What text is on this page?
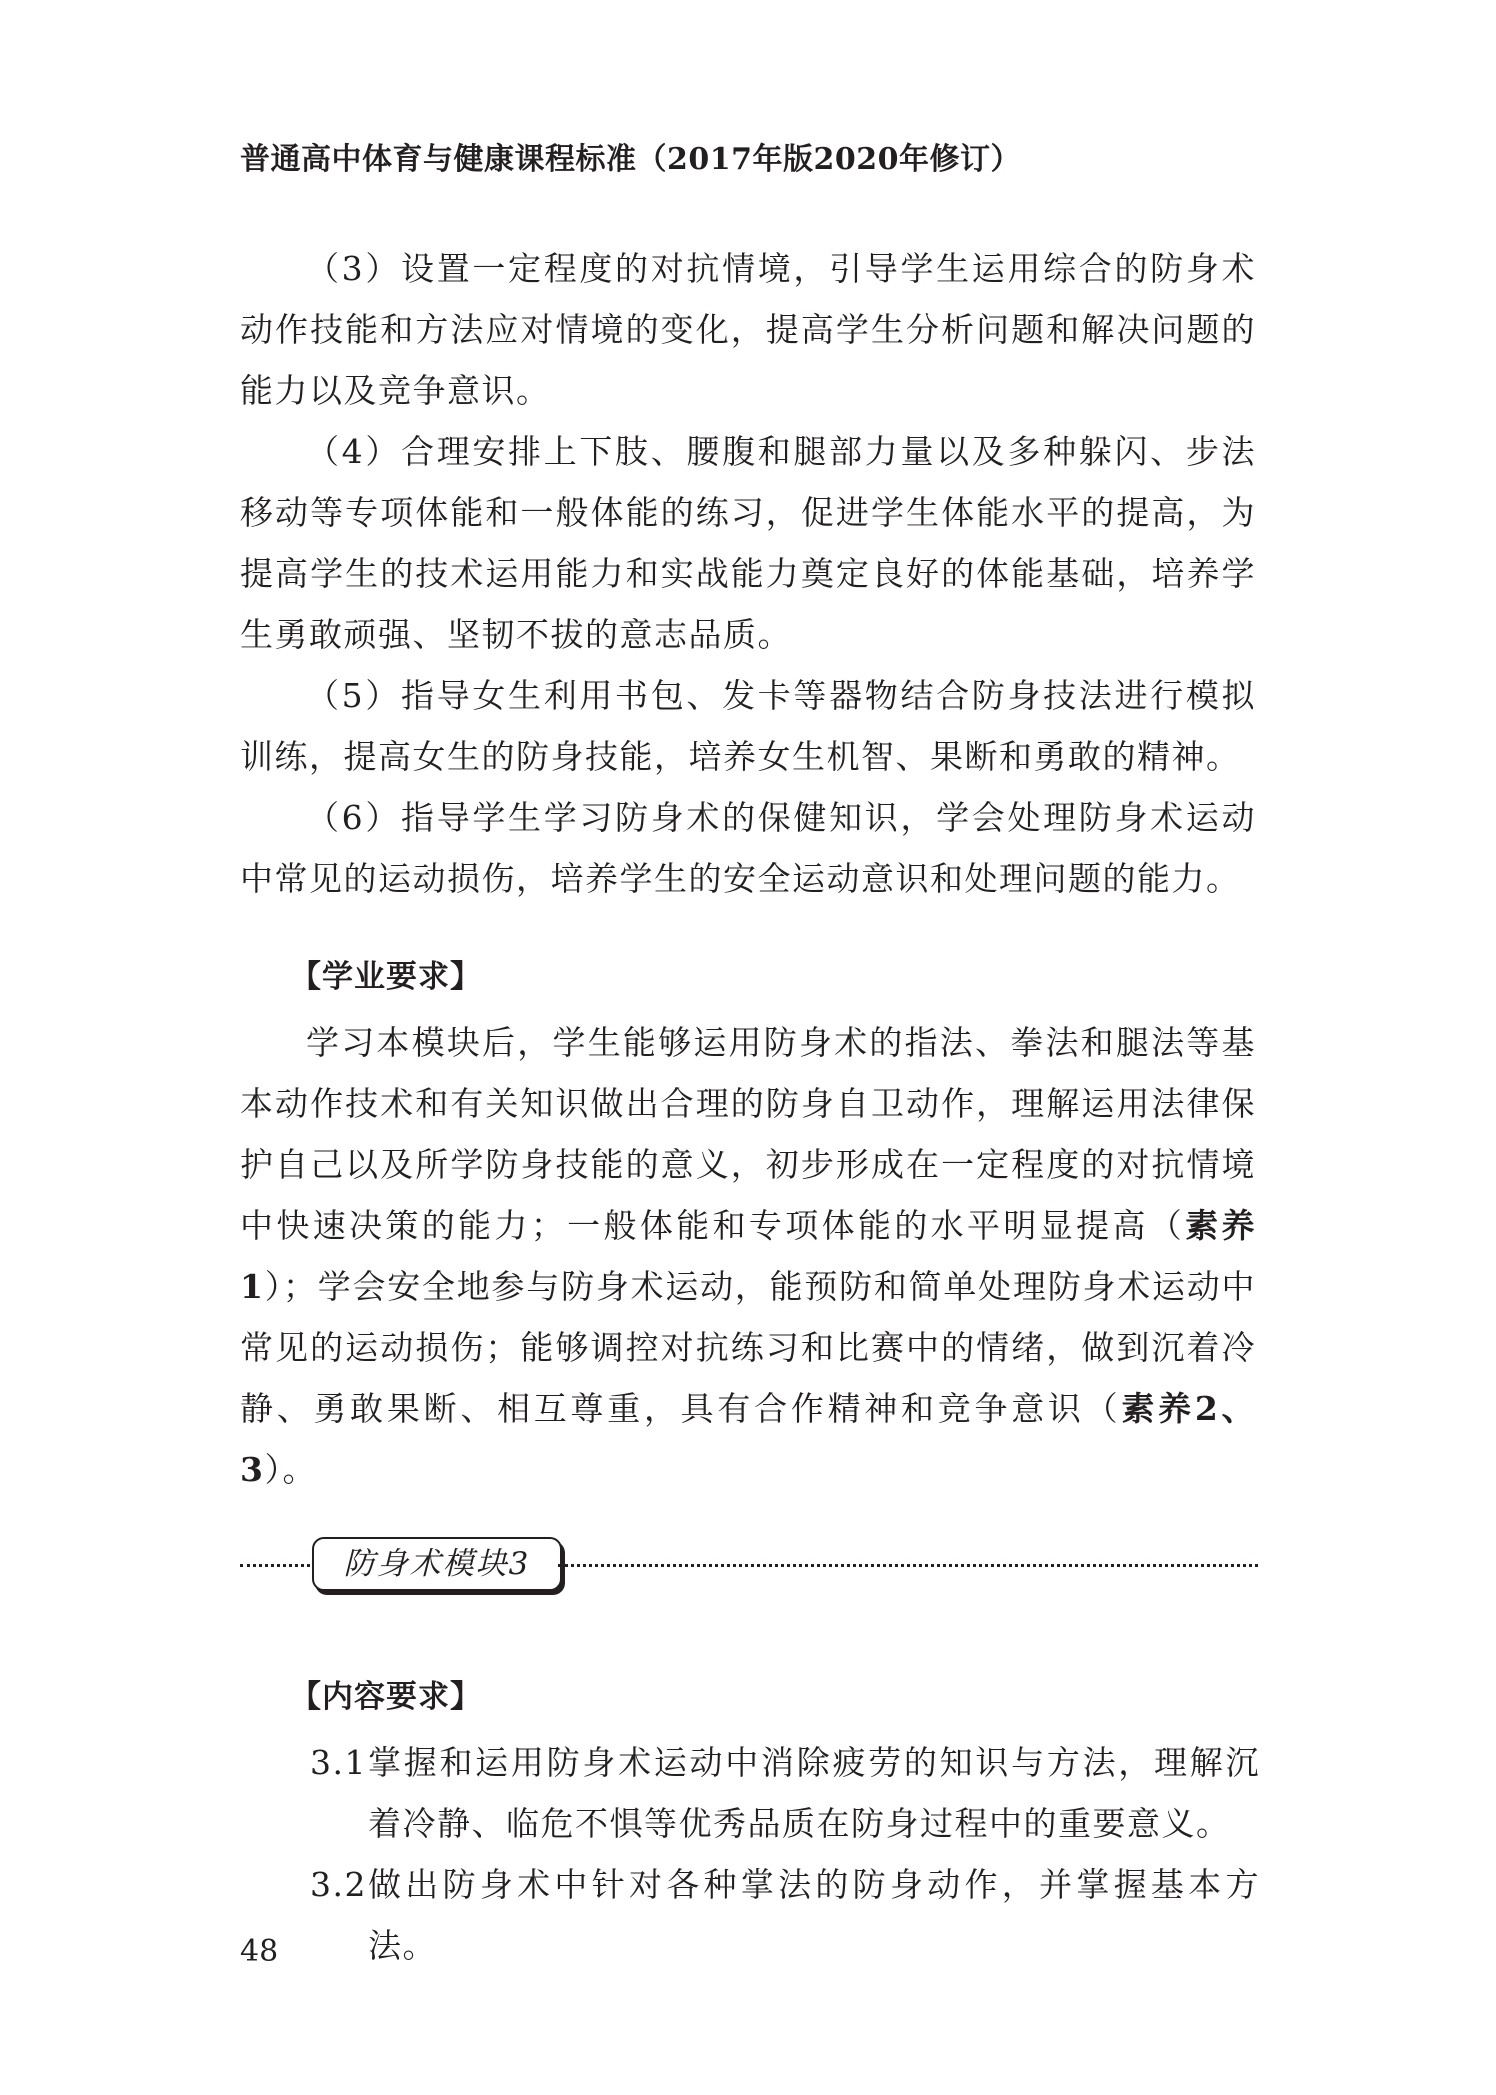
普通高中体育与健康课程标准（2017年版2020年修订）

（3）设置一定程度的对抗情境，引导学生运用综合的防身术动作技能和方法应对情境的变化，提高学生分析问题和解决问题的能力以及竞争意识。

（4）合理安排上下肢、腰腹和腿部力量以及多种躲闪、步法移动等专项体能和一般体能的练习，促进学生体能水平的提高，为提高学生的技术运用能力和实战能力奠定良好的体能基础，培养学生勇敢顽强、坚韧不拔的意志品质。

（5）指导女生利用书包、发卡等器物结合防身技法进行模拟训练，提高女生的防身技能，培养女生机智、果断和勇敢的精神。

（6）指导学生学习防身术的保健知识，学会处理防身术运动中常见的运动损伤，培养学生的安全运动意识和处理问题的能力。

【学业要求】

学习本模块后，学生能够运用防身术的指法、拳法和腿法等基本动作技术和有关知识做出合理的防身自卫动作，理解运用法律保护自己以及所学防身技能的意义，初步形成在一定程度的对抗情境中快速决策的能力；一般体能和专项体能的水平明显提高（素养1）；学会安全地参与防身术运动，能预防和简单处理防身术运动中常见的运动损伤；能够调控对抗练习和比赛中的情绪，做到沉着冷静、勇敢果断、相互尊重，具有合作精神和竞争意识（素养2、3）。

防身术模块3

【内容要求】

3.1 掌握和运用防身术运动中消除疲劳的知识与方法，理解沉着冷静、临危不惧等优秀品质在防身过程中的重要意义。
3.2 做出防身术中针对各种掌法的防身动作，并掌握基本方法。
48
